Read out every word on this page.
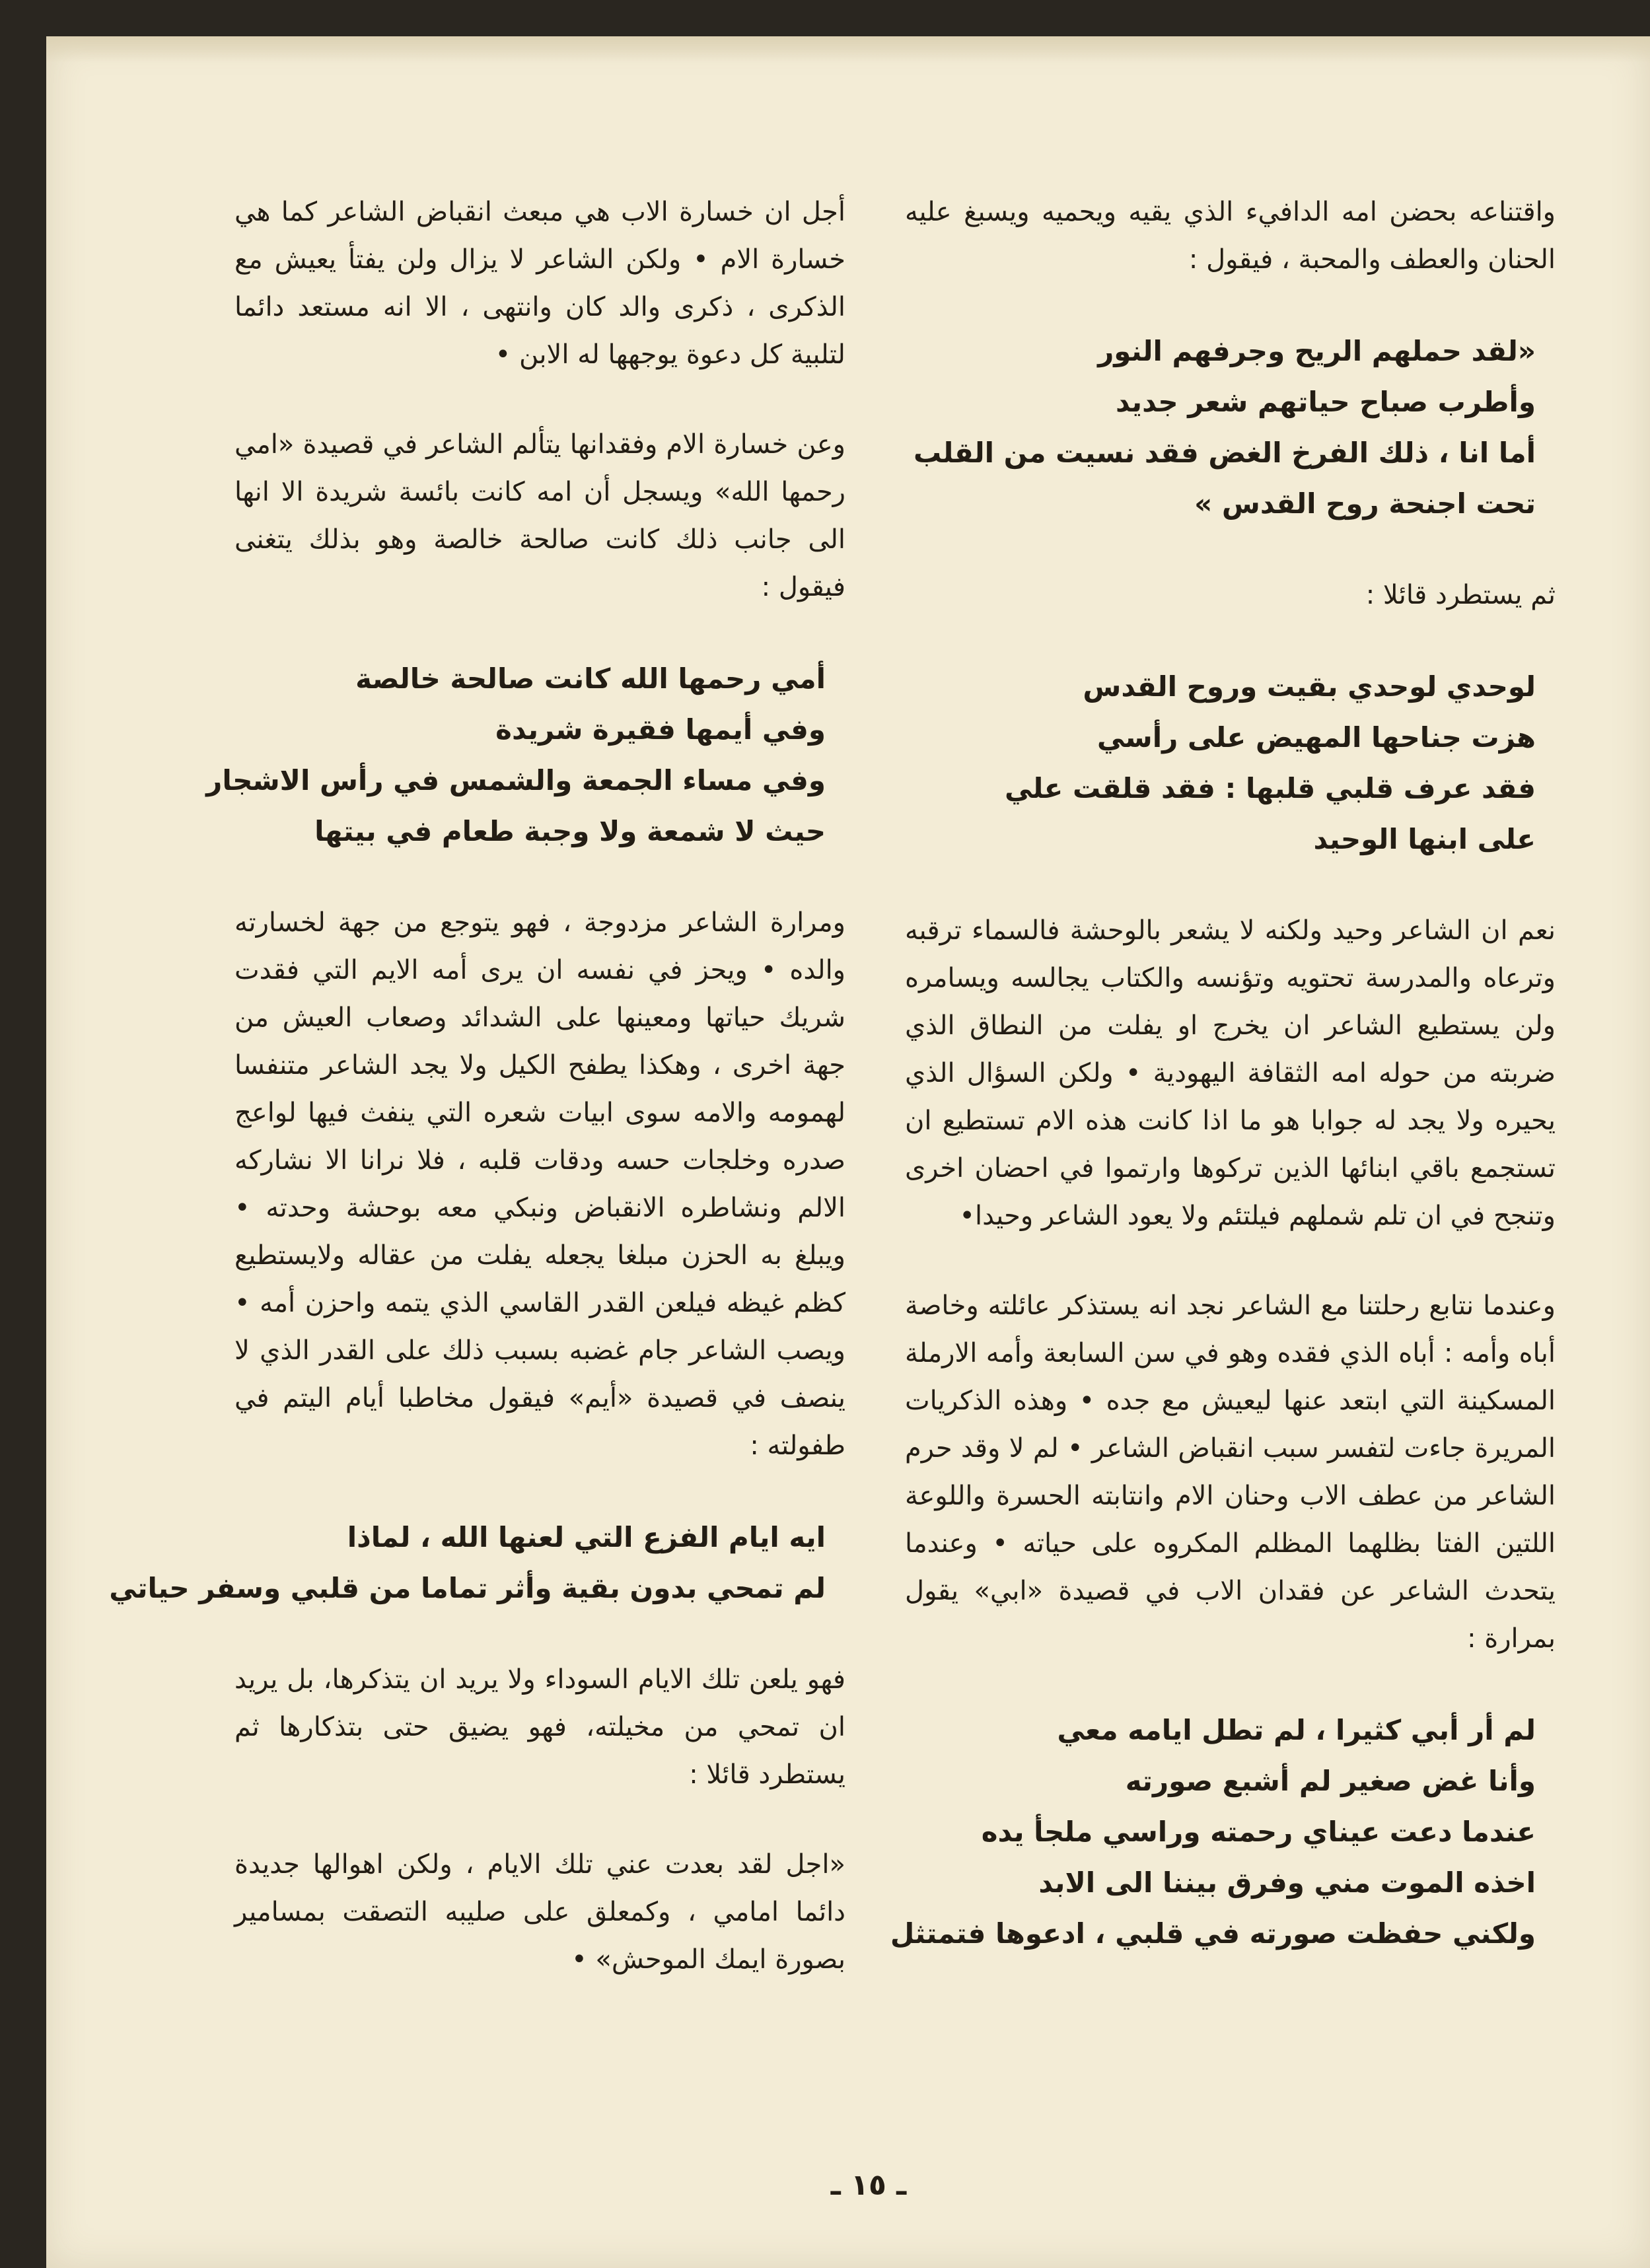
واقتناعه بحضن امه الدافيء الذي يقيه ويحميه ويسبغ عليه الحنان والعطف والمحبة ، فيقول :

«لقد حملهم الريح وجرفهم النور
وأطرب صباح حياتهم شعر جديد
أما انا ، ذلك الفرخ الغض فقد نسيت من القلب
تحت اجنحة روح القدس »

ثم يستطرد قائلا :

لوحدي لوحدي بقيت وروح القدس
هزت جناحها المهيض على رأسي
فقد عرف قلبي قلبها : فقد قلقت علي
على ابنها الوحيد

نعم ان الشاعر وحيد ولكنه لا يشعر بالوحشة فالسماء ترقبه وترعاه والمدرسة تحتويه وتؤنسه والكتاب يجالسه ويسامره ولن يستطيع الشاعر ان يخرج او يفلت من النطاق الذي ضربته من حوله امه الثقافة اليهودية • ولكن السؤال الذي يحيره ولا يجد له جوابا هو ما اذا كانت هذه الام تستطيع ان تستجمع باقي ابنائها الذين تركوها وارتموا في احضان اخرى وتنجح في ان تلم شملهم فيلتئم ولا يعود الشاعر وحيدا•

وعندما نتابع رحلتنا مع الشاعر نجد انه يستذكر عائلته وخاصة أباه وأمه : أباه الذي فقده وهو في سن السابعة وأمه الارملة المسكينة التي ابتعد عنها ليعيش مع جده • وهذه الذكريات المريرة جاءت لتفسر سبب انقباض الشاعر • لم لا وقد حرم الشاعر من عطف الاب وحنان الام وانتابته الحسرة واللوعة اللتين الفتا بظلهما المظلم المكروه على حياته • وعندما يتحدث الشاعر عن فقدان الاب في قصيدة «ابي» يقول بمرارة :

لم أر أبي كثيرا ، لم تطل ايامه معي
وأنا غض صغير لم أشبع صورته
عندما دعت عيناي رحمته وراسي ملجأ يده
اخذه الموت مني وفرق بيننا الى الابد
ولكني حفظت صورته في قلبي ، ادعوها فتمتثل

أجل ان خسارة الاب هي مبعث انقباض الشاعر كما هي خسارة الام • ولكن الشاعر لا يزال ولن يفتأ يعيش مع الذكرى ، ذكرى والد كان وانتهى ، الا انه مستعد دائما لتلبية كل دعوة يوجهها له الابن •

وعن خسارة الام وفقدانها يتألم الشاعر في قصيدة «امي رحمها الله» ويسجل أن امه كانت بائسة شريدة الا انها الى جانب ذلك كانت صالحة خالصة وهو بذلك يتغنى فيقول :

أمي رحمها الله كانت صالحة خالصة
وفي أيمها فقيرة شريدة
وفي مساء الجمعة والشمس في رأس الاشجار
حيث لا شمعة ولا وجبة طعام في بيتها

ومرارة الشاعر مزدوجة ، فهو يتوجع من جهة لخسارته والده • ويحز في نفسه ان يرى أمه الايم التي فقدت شريك حياتها ومعينها على الشدائد وصعاب العيش من جهة اخرى ، وهكذا يطفح الكيل ولا يجد الشاعر متنفسا لهمومه والامه سوى ابيات شعره التي ينفث فيها لواعج صدره وخلجات حسه ودقات قلبه ، فلا نرانا الا نشاركه الالم ونشاطره الانقباض ونبكي معه بوحشة وحدته • ويبلغ به الحزن مبلغا يجعله يفلت من عقاله ولايستطيع كظم غيظه فيلعن القدر القاسي الذي يتمه واحزن أمه • ويصب الشاعر جام غضبه بسبب ذلك على القدر الذي لا ينصف في قصيدة «أيم» فيقول مخاطبا أيام اليتم في طفولته :

ايه ايام الفزع التي لعنها الله ، لماذا
لم تمحي بدون بقية وأثر تماما من قلبي وسفر حياتي

فهو يلعن تلك الايام السوداء ولا يريد ان يتذكرها، بل يريد ان تمحي من مخيلته، فهو يضيق حتى بتذكارها ثم يستطرد قائلا :

«اجل لقد بعدت عني تلك الايام ، ولكن اهوالها جديدة دائما امامي ، وكمعلق على صليبه التصقت بمسامير بصورة ايمك الموحش» •

ـ ١٥ ـ
